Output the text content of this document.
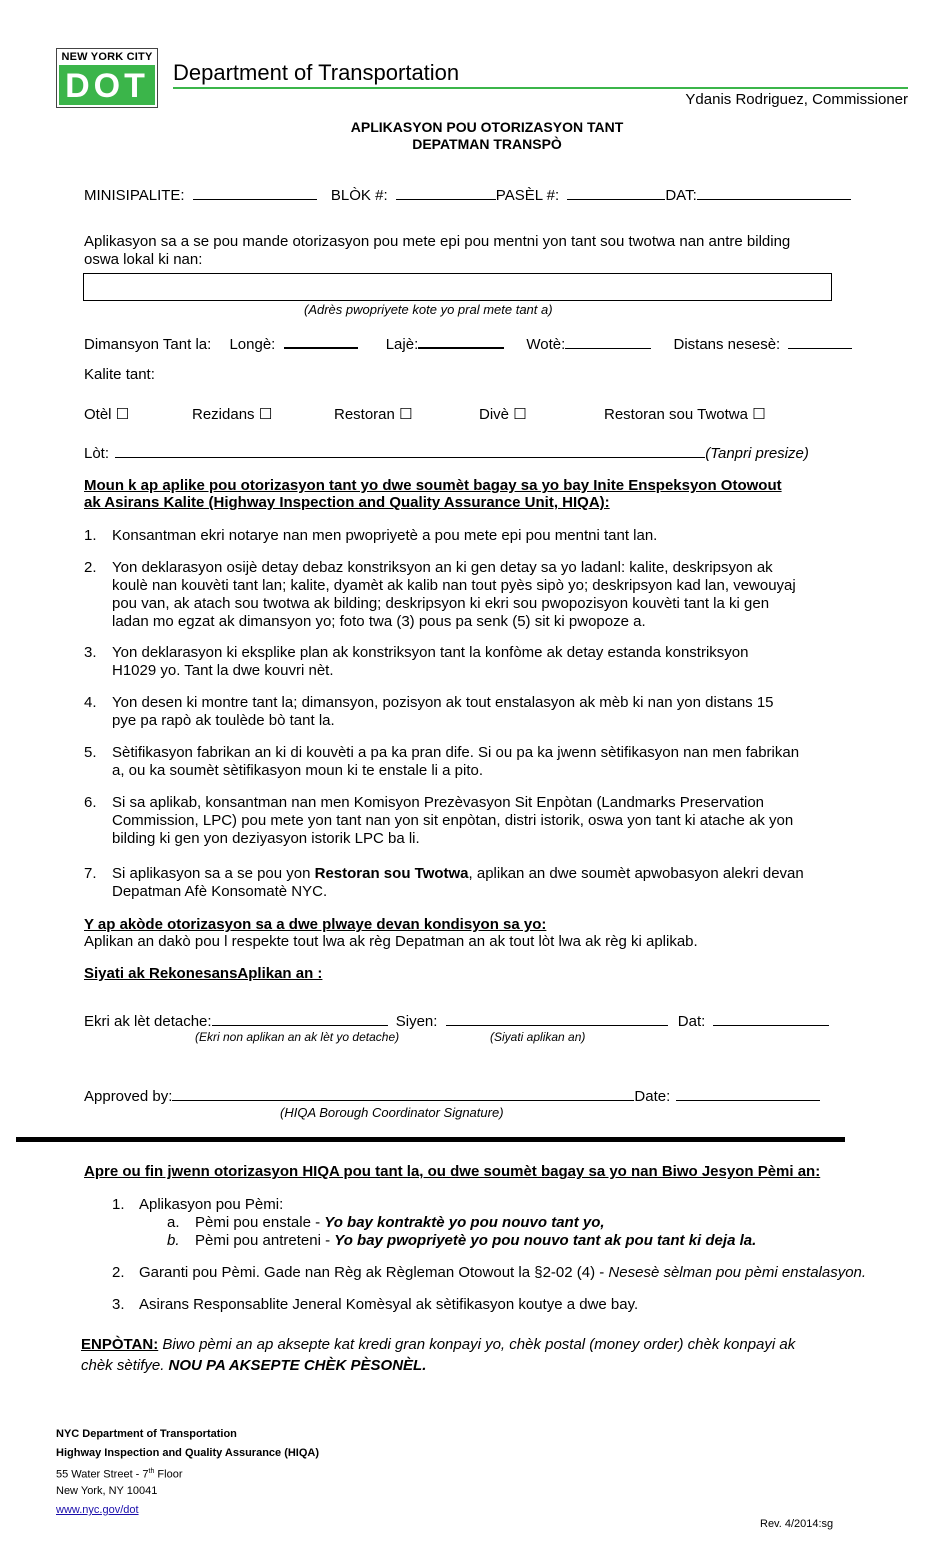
NEW YORK CITY
DOT Department of Transportation
Ydanis Rodriguez, Commissioner
APLIKASYON POU OTORIZASYON TANT
DEPATMAN TRANSPÒ
MINISIPALITE:	BLÒK #:	PASÈL #:	DAT:
Aplikasyon sa a se pou mande otorizasyon pou mete epi pou mentni yon tant sou twotwa nan antre bilding
oswa lokal ki nan:
(Adrès pwopriyete kote yo pral mete tant a)
Dimansyon Tant la: Longè:	Lajè:	Wotè:	Distans nesesè:
Kalite tant:
Otèl ☐	Rezidans ☐	Restoran ☐	Divè ☐	Restoran sou Twotwa ☐
Lòt:	(Tanpri presize)
Moun k ap aplike pou otorizasyon tant yo dwe soumèt bagay sa yo bay Inite Enspeksyon Otowout
ak Asirans Kalite (Highway Inspection and Quality Assurance Unit, HIQA):
1. Konsantman ekri notarye nan men pwopriyetè a pou mete epi pou mentni tant lan.
2. Yon deklarasyon osijè detay debaz konstriksyon an ki gen detay sa yo ladanl: kalite, deskripsyon ak
koulè nan kouvèti tant lan; kalite, dyamèt ak kalib nan tout pyès sipò yo; deskripsyon kad lan, vewouyaj
pou van, ak atach sou twotwa ak bilding; deskripsyon ki ekri sou pwopozisyon kouvèti tant la ki gen
ladan mo egzat ak dimansyon yo; foto twa (3) pous pa senk (5) sit ki pwopoze a.
3. Yon deklarasyon ki eksplike plan ak konstriksyon tant la konfòme ak detay estanda konstriksyon
H1029 yo. Tant la dwe kouvri nèt.
4. Yon desen ki montre tant la; dimansyon, pozisyon ak tout enstalasyon ak mèb ki nan yon distans 15
pye pa rapò ak toulède bò tant la.
5. Sètifikasyon fabrikan an ki di kouvèti a pa ka pran dife. Si ou pa ka jwenn sètifikasyon nan men fabrikan
a, ou ka soumèt sètifikasyon moun ki te enstale li a pito.
6. Si sa aplikab, konsantman nan men Komisyon Prezèvasyon Sit Enpòtan (Landmarks Preservation
Commission, LPC) pou mete yon tant nan yon sit enpòtan, distri istorik, oswa yon tant ki atache ak yon
bilding ki gen yon deziyasyon istorik LPC ba li.
7. Si aplikasyon sa a se pou yon Restoran sou Twotwa, aplikan an dwe soumèt apwobasyon alekri devan
Depatman Afè Konsomatè NYC.
Y ap akòde otorizasyon sa a dwe plwaye devan kondisyon sa yo:
Aplikan an dakò pou l respekte tout lwa ak règ Depatman an ak tout lòt lwa ak règ ki aplikab.
Siyati ak RekonesansAplikan an :
Ekri ak lèt detache:	Siyen:	Dat:
(Ekri non aplikan an ak lèt yo detache)	(Siyati aplikan an)
Approved by:	Date:
(HIQA Borough Coordinator Signature)
Apre ou fin jwenn otorizasyon HIQA pou tant la, ou dwe soumèt bagay sa yo nan Biwo Jesyon Pèmi an:
1. Aplikasyon pou Pèmi:
a. Pèmi pou enstale - Yo bay kontraktè yo pou nouvo tant yo,
b. Pèmi pou antreteni - Yo bay pwopriyetè yo pou nouvo tant ak pou tant ki deja la.
2. Garanti pou Pèmi. Gade nan Règ ak Règleman Otowout la §2-02 (4) - Nesesè sèlman pou pèmi enstalasyon.
3. Asirans Responsablite Jeneral Komèsyal ak sètifikasyon koutye a dwe bay.
ENPÒTAN: Biwo pèmi an ap aksepte kat kredi gran konpayi yo, chèk postal (money order) chèk konpayi ak
chèk sètifye. NOU PA AKSEPTE CHÈK PÈSONÈL.
NYC Department of Transportation
Highway Inspection and Quality Assurance (HIQA)
55 Water Street - 7th Floor
New York, NY 10041
www.nyc.gov/dot
Rev. 4/2014:sg
